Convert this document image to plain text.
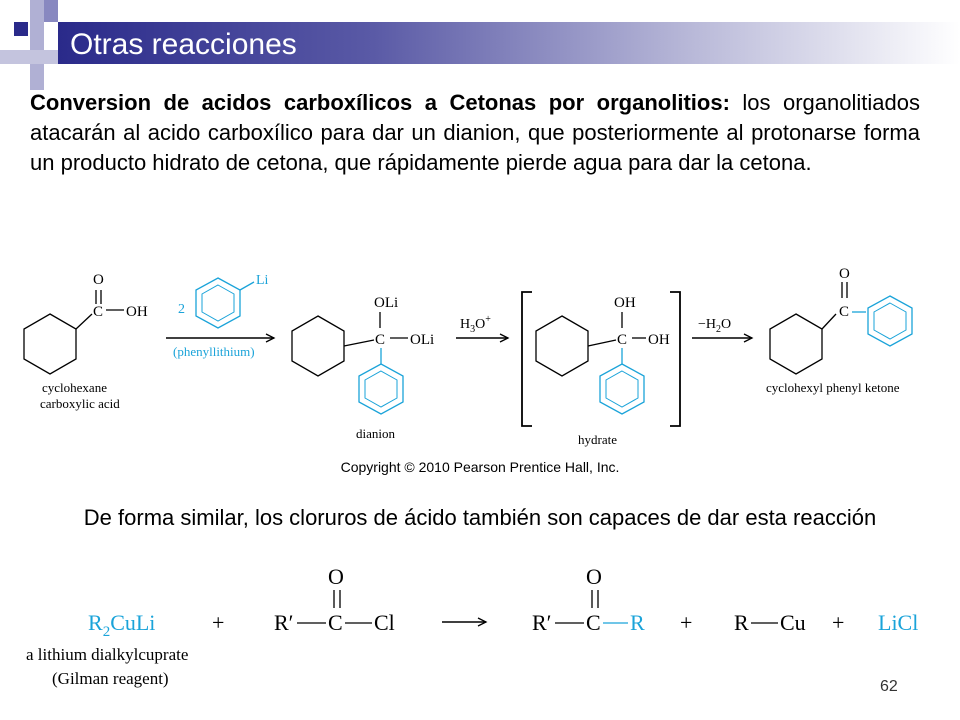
Otras reacciones
Conversion de acidos carboxílicos a Cetonas por organolitios: los organolitiados atacarán al acido carboxílico para dar un dianion, que posteriormente al protonarse forma un producto hidrato de cetona, que rápidamente pierde agua para dar la cetona.
O
C OH
cyclohexane
carboxylic acid
Li
2
(phenyllithium)
OLi
C OLi
dianion
$H_3O^+$
OH
C OH
hydrate
$-H_2O$
O
C
cyclohexyl phenyl ketone
Copyright © 2010 Pearson Prentice Hall, Inc.
De forma similar, los cloruros de ácido también son capaces de dar esta reacción
$R_2CuLi$
a lithium dialkylcuprate
(Gilman reagent)
+ R′ C
O
Cl	R′ C
O
R + R Cu + LiCl
62
